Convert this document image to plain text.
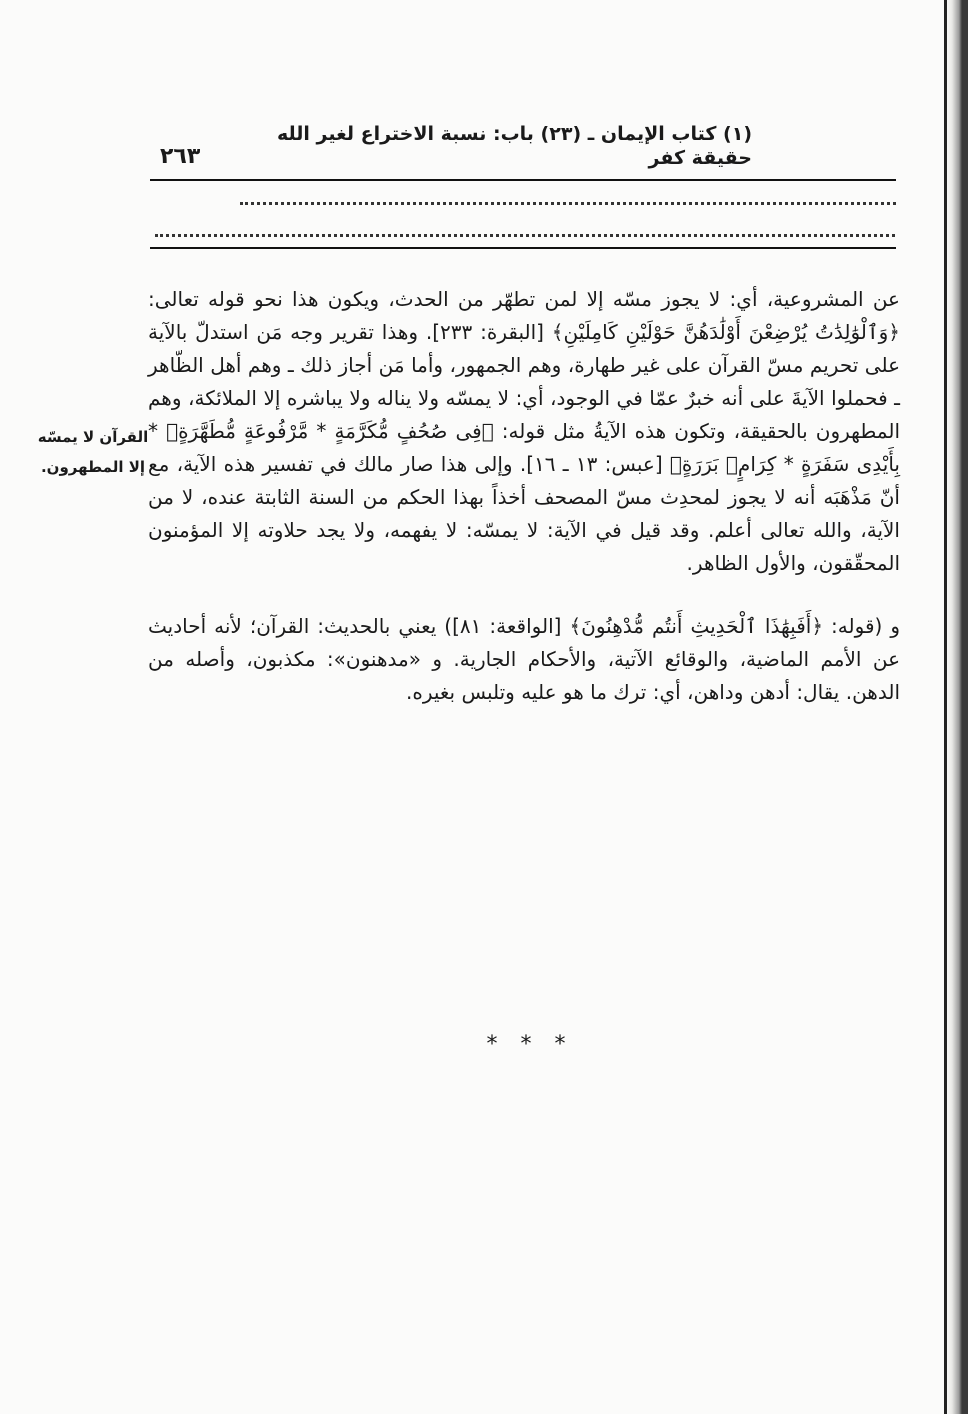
(١) كتاب الإيمان ـ (٢٣) باب: نسبة الاختراع لغير الله
حقيقة كفر
٢٦٣
القرآن لا يمسّه
إلا المطهرون.

عن المشروعية، أي: لا يجوز مسّه إلا لمن تطهّر من الحدث، ويكون هذا نحو قوله تعالى: ﴿وَٱلْوَٰلِدَٰتُ يُرْضِعْنَ أَوْلَٰدَهُنَّ حَوْلَيْنِ كَامِلَيْنِ﴾ [البقرة: ٢٣٣]. وهذا تقرير وجه مَن استدلّ بالآية على تحريم مسّ القرآن على غير طهارة، وهم الجمهور، وأما مَن أجاز ذلك ـ وهم أهل الظّاهر ـ فحملوا الآيةَ على أنه خبرٌ عمّا في الوجود، أي: لا يمسّه ولا يناله ولا يباشره إلا الملائكة، وهم المطهرون بالحقيقة، وتكون هذه الآيةُ مثل قوله: ﴿فِى صُحُفٍ مُّكَرَّمَةٍ * مَّرْفُوعَةٍ مُّطَهَّرَةٍۭ * بِأَيْدِى سَفَرَةٍ * كِرَامٍۭ بَرَرَةٍ﴾ [عبس: ١٣ ـ ١٦]. وإلى هذا صار مالك في تفسير هذه الآية، مع أنّ مَذْهَبَه أنه لا يجوز لمحدِث مسّ المصحف أخذاً بهذا الحكم من السنة الثابتة عنده، لا من الآية، والله تعالى أعلم. وقد قيل في الآية: لا يمسّه: لا يفهمه، ولا يجد حلاوته إلا المؤمنون المحقّقون، والأول الظاهر.

و (قوله: ﴿أَفَبِهَٰذَا ٱلْحَدِيثِ أَنتُم مُّدْهِنُونَ﴾ [الواقعة: ٨١]) يعني بالحديث: القرآن؛ لأنه أحاديث عن الأمم الماضية، والوقائع الآتية، والأحكام الجارية. و «مدهنون»: مكذبون، وأصله من الدهن. يقال: أدهن وداهن، أي: ترك ما هو عليه وتلبس بغيره.

* * *
